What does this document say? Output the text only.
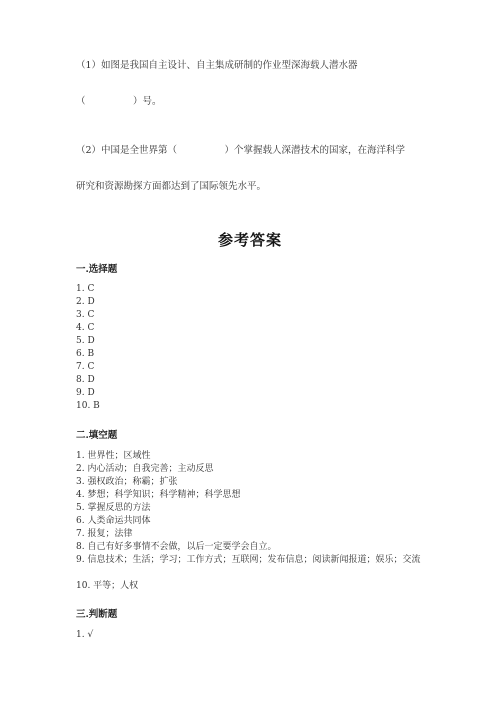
（1）如图是我国自主设计、自主集成研制的作业型深海载人潜水器
（　　　　　）号。
（2）中国是全世界第（　　　　　）个掌握载人深潜技术的国家，在海洋科学
研究和资源勘探方面都达到了国际领先水平。
参考答案
一.选择题
1. C
2. D
3. C
4. C
5. D
6. B
7. C
8. D
9. D
10. B
二.填空题
1. 世界性；区域性
2. 内心活动；自我完善；主动反思
3. 强权政治；称霸；扩张
4. 梦想；科学知识；科学精神；科学思想
5. 掌握反思的方法
6. 人类命运共同体
7. 报复；法律
8. 自己有好多事情不会做，以后一定要学会自立。
9. 信息技术；生活；学习；工作方式；互联网；发布信息；阅读新闻报道；娱乐；交流
10. 平等；人权
三.判断题
1. √
